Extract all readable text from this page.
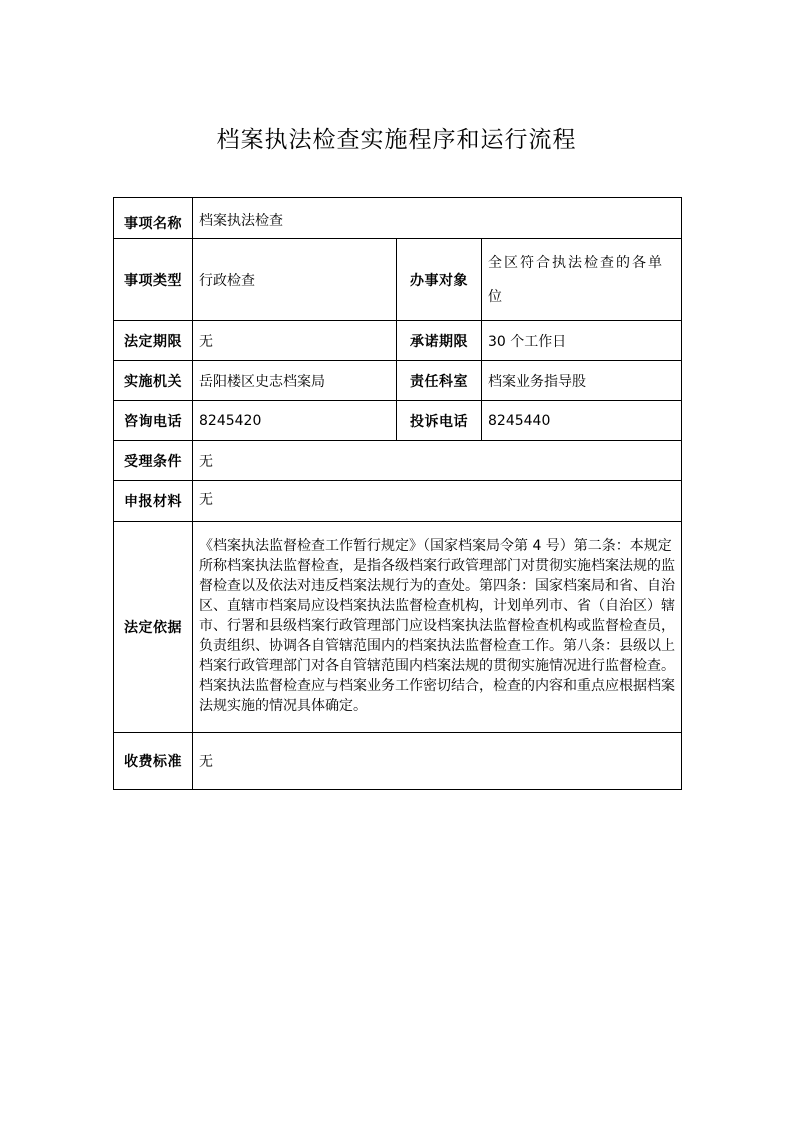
档案执法检查实施程序和运行流程
事项名称	档案执法检查		
事项类型	行政检查	办事对象	全区符合执法检查的各单位
法定期限	无	承诺期限	30 个工作日
实施机关	岳阳楼区史志档案局	责任科室	档案业务指导股
咨询电话	8245420	投诉电话	8245440
受理条件	无		
申报材料	无		
法定依据	《档案执法监督检查工作暂行规定》（国家档案局令第 4 号）第二条：本规定所称档案执法监督检查，是指各级档案行政管理部门对贯彻实施档案法规的监督检查以及依法对违反档案法规行为的查处。第四条：国家档案局和省、自治区、直辖市档案局应设档案执法监督检查机构，计划单列市、省（自治区）辖市、行署和县级档案行政管理部门应设档案执法监督检查机构或监督检查员，负责组织、协调各自管辖范围内的档案执法监督检查工作。第八条：县级以上档案行政管理部门对各自管辖范围内档案法规的贯彻实施情况进行监督检查。档案执法监督检查应与档案业务工作密切结合，检查的内容和重点应根据档案法规实施的情况具体确定。		
收费标准	无		
